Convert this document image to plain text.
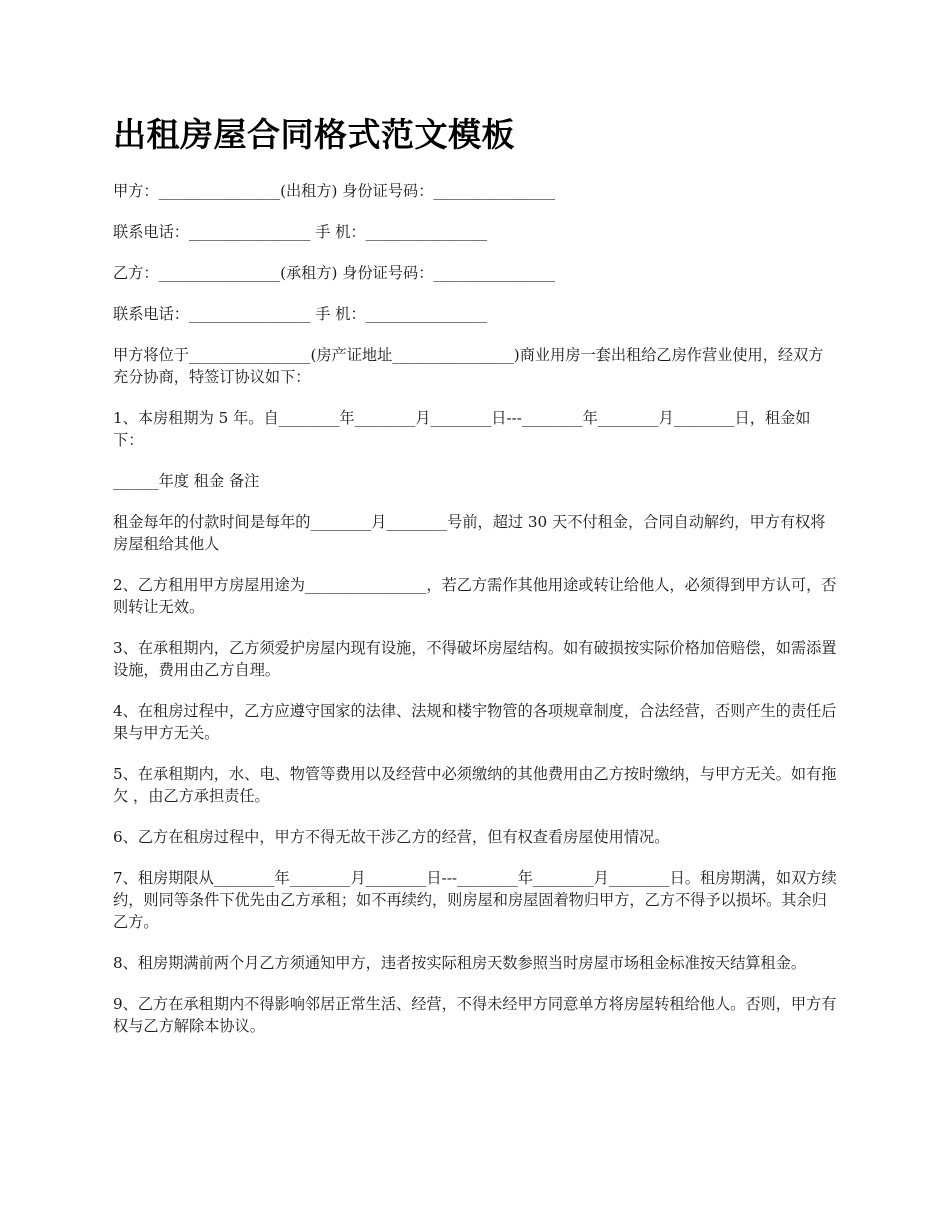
出租房屋合同格式范文模板

甲方：________________(出租方) 身份证号码：________________

联系电话：________________ 手 机：________________

乙方：________________(承租方) 身份证号码：________________

联系电话：________________ 手 机：________________

甲方将位于________________(房产证地址________________)商业用房一套出租给乙房作营业使用，经双方充分协商，特签订协议如下：

1、本房租期为 5 年。自________年________月________日---________年________月________日，租金如下：

______年度 租金 备注

租金每年的付款时间是每年的________月________号前，超过 30 天不付租金，合同自动解约，甲方有权将房屋租给其他人

2、乙方租用甲方房屋用途为________________，若乙方需作其他用途或转让给他人，必须得到甲方认可，否则转让无效。

3、在承租期内，乙方须爱护房屋内现有设施，不得破坏房屋结构。如有破损按实际价格加倍赔偿，如需添置设施，费用由乙方自理。

4、在租房过程中，乙方应遵守国家的法律、法规和楼宇物管的各项规章制度，合法经营，否则产生的责任后果与甲方无关。

5、在承租期内，水、电、物管等费用以及经营中必须缴纳的其他费用由乙方按时缴纳，与甲方无关。如有拖欠 ，由乙方承担责任。

6、乙方在租房过程中，甲方不得无故干涉乙方的经营，但有权查看房屋使用情况。

7、租房期限从________年________月________日---________年________月________日。租房期满，如双方续约，则同等条件下优先由乙方承租；如不再续约，则房屋和房屋固着物归甲方，乙方不得予以损坏。其余归乙方。

8、租房期满前两个月乙方须通知甲方，违者按实际租房天数参照当时房屋市场租金标准按天结算租金。

9、乙方在承租期内不得影响邻居正常生活、经营，不得未经甲方同意单方将房屋转租给他人。否则，甲方有权与乙方解除本协议。
